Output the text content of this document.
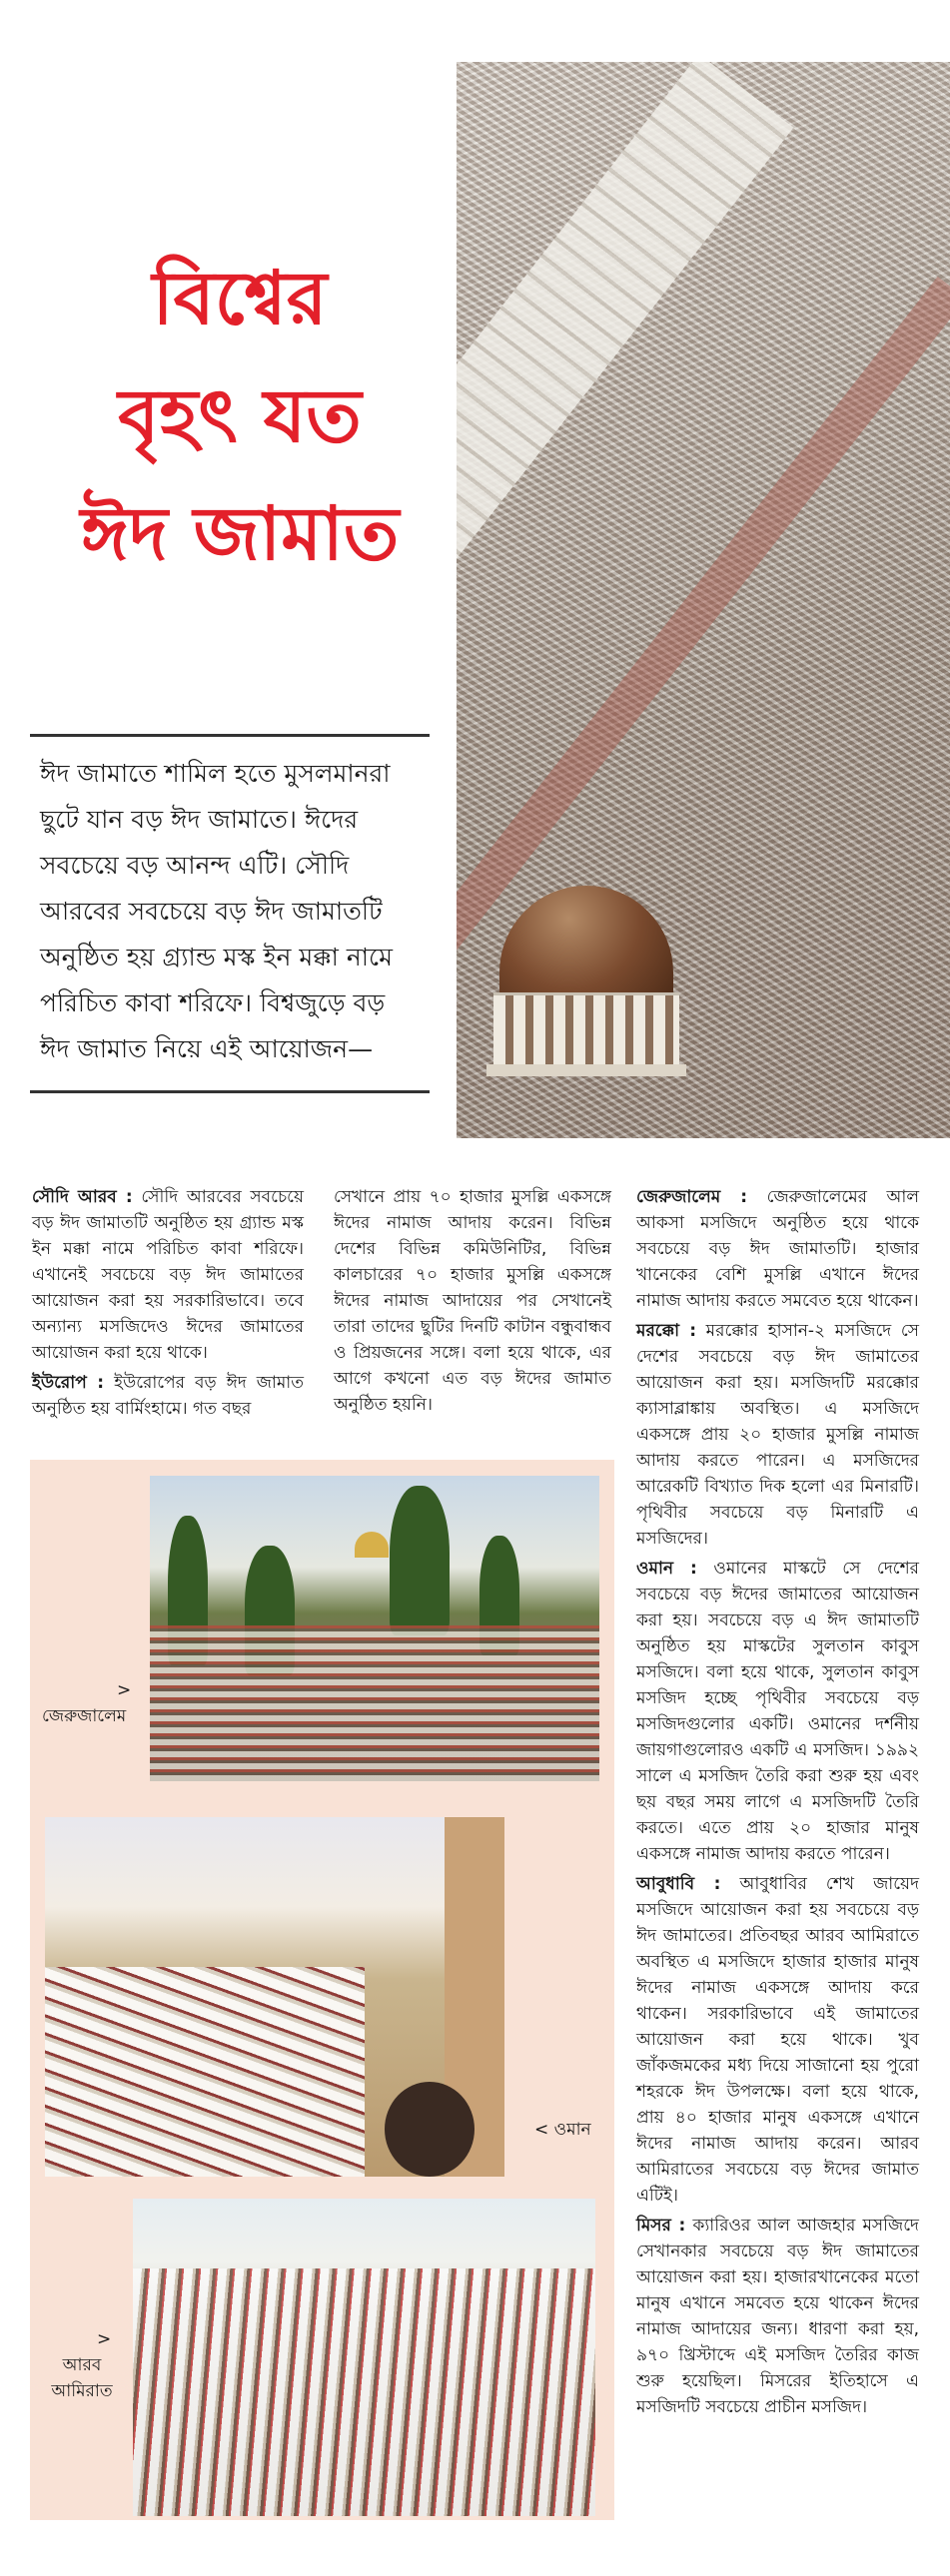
বিশ্বের
বৃহৎ যত
ঈদ জামাত
ঈদ জামাতে শামিল হতে মুসলমানরা ছুটে যান বড় ঈদ জামাতে। ঈদের সবচেয়ে বড় আনন্দ এটি। সৌদি আরবের সবচেয়ে বড় ঈদ জামাতটি অনুষ্ঠিত হয় গ্র্যান্ড মস্ক ইন মক্কা নামে পরিচিত কাবা শরিফে। বিশ্বজুড়ে বড় ঈদ জামাত নিয়ে এই আয়োজন—

সৌদি আরব : সৌদি আরবের সবচেয়ে বড় ঈদ জামাতটি অনুষ্ঠিত হয় গ্র্যান্ড মস্ক ইন মক্কা নামে পরিচিত কাবা শরিফে। এখানেই সবচেয়ে বড় ঈদ জামাতের আয়োজন করা হয় সরকারিভাবে। তবে অন্যান্য মসজিদেও ঈদের জামাতের আয়োজন করা হয়ে থাকে।

ইউরোপ : ইউরোপের বড় ঈদ জামাত অনুষ্ঠিত হয় বার্মিংহামে। গত বছর

সেখানে প্রায় ৭০ হাজার মুসল্লি একসঙ্গে ঈদের নামাজ আদায় করেন। বিভিন্ন দেশের বিভিন্ন কমিউনিটির, বিভিন্ন কালচারের ৭০ হাজার মুসল্লি একসঙ্গে ঈদের নামাজ আদায়ের পর সেখানেই তারা তাদের ছুটির দিনটি কাটান বন্ধুবান্ধব ও প্রিয়জনের সঙ্গে। বলা হয়ে থাকে, এর আগে কখনো এত বড় ঈদের জামাত অনুষ্ঠিত হয়নি।

জেরুজালেম : জেরুজালেমের আল আকসা মসজিদে অনুষ্ঠিত হয়ে থাকে সবচেয়ে বড় ঈদ জামাতটি। হাজার খানেকের বেশি মুসল্লি এখানে ঈদের নামাজ আদায় করতে সমবেত হয়ে থাকেন।

মরক্কো : মরক্কোর হাসান-২ মসজিদে সে দেশের সবচেয়ে বড় ঈদ জামাতের আয়োজন করা হয়। মসজিদটি মরক্কোর ক্যাসাব্লাঙ্কায় অবস্থিত। এ মসজিদে একসঙ্গে প্রায় ২০ হাজার মুসল্লি নামাজ আদায় করতে পারেন। এ মসজিদের আরেকটি বিখ্যাত দিক হলো এর মিনারটি। পৃথিবীর সবচেয়ে বড় মিনারটি এ মসজিদের।

ওমান : ওমানের মাস্কটে সে দেশের সবচেয়ে বড় ঈদের জামাতের আয়োজন করা হয়। সবচেয়ে বড় এ ঈদ জামাতটি অনুষ্ঠিত হয় মাস্কটের সুলতান কাবুস মসজিদে। বলা হয়ে থাকে, সুলতান কাবুস মসজিদ হচ্ছে পৃথিবীর সবচেয়ে বড় মসজিদগুলোর একটি। ওমানের দর্শনীয় জায়গাগুলোরও একটি এ মসজিদ। ১৯৯২ সালে এ মসজিদ তৈরি করা শুরু হয় এবং ছয় বছর সময় লাগে এ মসজিদটি তৈরি করতে। এতে প্রায় ২০ হাজার মানুষ একসঙ্গে নামাজ আদায় করতে পারেন।

আবুধাবি : আবুধাবির শেখ জায়েদ মসজিদে আয়োজন করা হয় সবচেয়ে বড় ঈদ জামাতের। প্রতিবছর আরব আমিরাতে অবস্থিত এ মসজিদে হাজার হাজার মানুষ ঈদের নামাজ একসঙ্গে আদায় করে থাকেন। সরকারিভাবে এই জামাতের আয়োজন করা হয়ে থাকে। খুব জাঁকজমকের মধ্য দিয়ে সাজানো হয় পুরো শহরকে ঈদ উপলক্ষে। বলা হয়ে থাকে, প্রায় ৪০ হাজার মানুষ একসঙ্গে এখানে ঈদের নামাজ আদায় করেন। আরব আমিরাতের সবচেয়ে বড় ঈদের জামাত এটিই।

মিসর : ক্যারিওর আল আজহার মসজিদে সেখানকার সবচেয়ে বড় ঈদ জামাতের আয়োজন করা হয়। হাজারখানেকের মতো মানুষ এখানে সমবেত হয়ে থাকেন ঈদের নামাজ আদায়ের জন্য। ধারণা করা হয়, ৯৭০ খ্রিস্টাব্দে এই মসজিদ তৈরির কাজ শুরু হয়েছিল। মিসরের ইতিহাসে এ মসজিদটি সবচেয়ে প্রাচীন মসজিদ।

>
জেরুজালেম
< ওমান
>
আরব আমিরাত
